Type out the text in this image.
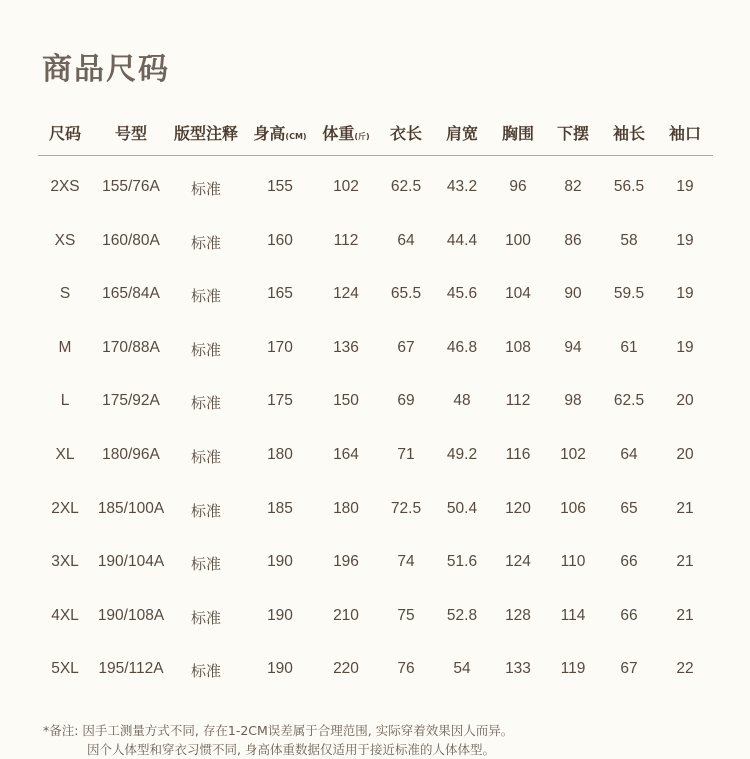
商品尺码
尺码 号型 版型注释 身高(CM) 体重(斤) 衣长 肩宽 胸围 下摆 袖长 袖口
2XS 155/76A 标准	155	102 62.5 43.2 96 82 56.5 19
XS 160/80A 标准	160	112	64 44.4 100 86	58	19
S 165/84A 标准	165	124 65.5 45.6 104 90 59.5 19
M 170/88A 标准	170	136 67 46.8 108 94	61	19
L 175/92A 标准	175	150 69	48 112 98 62.5 20
XL 180/96A 标准	180	164 71 49.2 116 102 64	20
2XL 185/100A 标准	185	180 72.5 50.4 120 106 65	21
3XL 190/104A 标准	190	196 74 51.6 124 110 66	21
4XL 190/108A 标准	190	210 75 52.8 128 114 66	21
5XL 195/112A 标准	190	220 76	54 133 119 67	22
*备注: 因手工测量方式不同, 存在1-2CM误差属于合理范围, 实际穿着效果因人而异。
因个人体型和穿衣习惯不同, 身高体重数据仅适用于接近标准的人体体型。
